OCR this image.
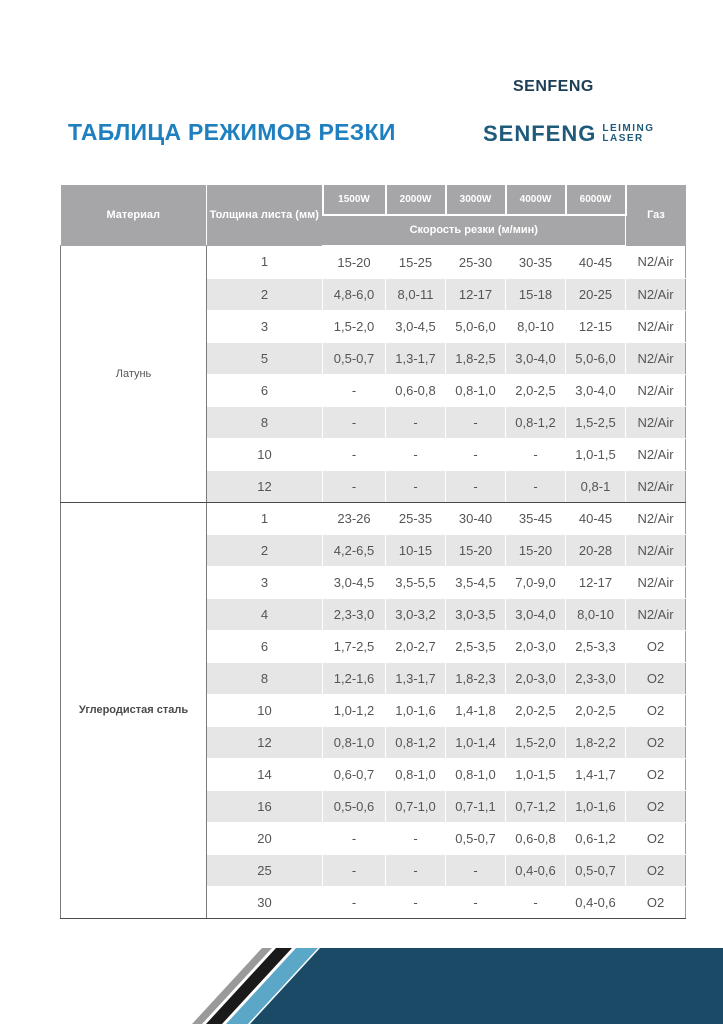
SENFENG
ТАБЛИЦА РЕЖИМОВ РЕЗКИ	SENFENG LEIMING
LASER
Материал	Толщина листа (мм)	1500W	2000W	3000W	4000W	6000W	Газ
		Скорость резки (м/мин)					
Латунь	1	15-20	15-25	25-30	30-35	40-45	N2/Air
	2	4,8-6,0	8,0-11	12-17	15-18	20-25	N2/Air
	3	1,5-2,0	3,0-4,5	5,0-6,0	8,0-10	12-15	N2/Air
	5	0,5-0,7	1,3-1,7	1,8-2,5	3,0-4,0	5,0-6,0	N2/Air
	6	-	0,6-0,8	0,8-1,0	2,0-2,5	3,0-4,0	N2/Air
	8	-	-	-	0,8-1,2	1,5-2,5	N2/Air
	10	-	-	-	-	1,0-1,5	N2/Air
	12	-	-	-	-	0,8-1	N2/Air
Углеродистая сталь	1	23-26	25-35	30-40	35-45	40-45	N2/Air
	2	4,2-6,5	10-15	15-20	15-20	20-28	N2/Air
	3	3,0-4,5	3,5-5,5	3,5-4,5	7,0-9,0	12-17	N2/Air
	4	2,3-3,0	3,0-3,2	3,0-3,5	3,0-4,0	8,0-10	N2/Air
	6	1,7-2,5	2,0-2,7	2,5-3,5	2,0-3,0	2,5-3,3	O2
	8	1,2-1,6	1,3-1,7	1,8-2,3	2,0-3,0	2,3-3,0	O2
	10	1,0-1,2	1,0-1,6	1,4-1,8	2,0-2,5	2,0-2,5	O2
	12	0,8-1,0	0,8-1,2	1,0-1,4	1,5-2,0	1,8-2,2	O2
	14	0,6-0,7	0,8-1,0	0,8-1,0	1,0-1,5	1,4-1,7	O2
	16	0,5-0,6	0,7-1,0	0,7-1,1	0,7-1,2	1,0-1,6	O2
	20	-	-	0,5-0,7	0,6-0,8	0,6-1,2	O2
	25	-	-	-	0,4-0,6	0,5-0,7	O2
	30	-	-	-	-	0,4-0,6	O2
